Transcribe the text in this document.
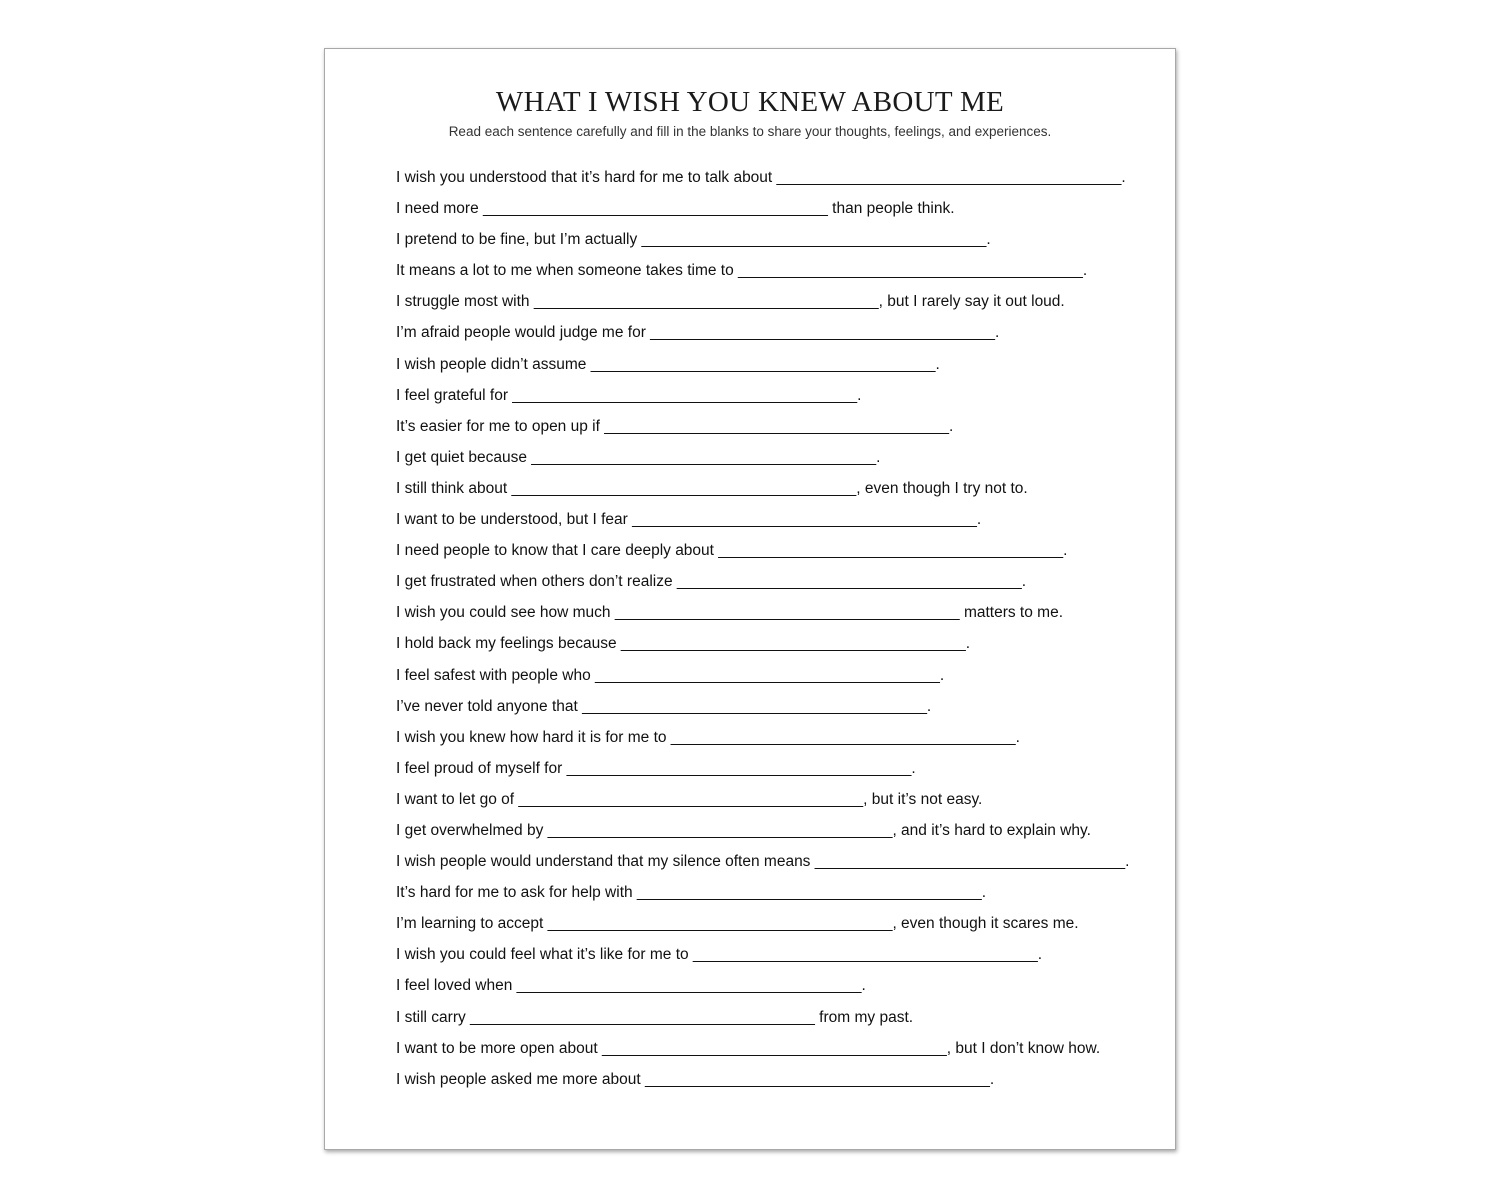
WHAT I WISH YOU KNEW ABOUT ME

Read each sentence carefully and fill in the blanks to share your thoughts, feelings, and experiences.

I wish you understood that it’s hard for me to talk about ________________________________________.
I need more ________________________________________ than people think.
I pretend to be fine, but I’m actually ________________________________________.
It means a lot to me when someone takes time to ________________________________________.
I struggle most with ________________________________________, but I rarely say it out loud.
I’m afraid people would judge me for ________________________________________.
I wish people didn’t assume ________________________________________.
I feel grateful for ________________________________________.
It’s easier for me to open up if ________________________________________.
I get quiet because ________________________________________.
I still think about ________________________________________, even though I try not to.
I want to be understood, but I fear ________________________________________.
I need people to know that I care deeply about ________________________________________.
I get frustrated when others don’t realize ________________________________________.
I wish you could see how much ________________________________________ matters to me.
I hold back my feelings because ________________________________________.
I feel safest with people who ________________________________________.
I’ve never told anyone that ________________________________________.
I wish you knew how hard it is for me to ________________________________________.
I feel proud of myself for ________________________________________.
I want to let go of ________________________________________, but it’s not easy.
I get overwhelmed by ________________________________________, and it’s hard to explain why.
I wish people would understand that my silence often means ____________________________________.
It’s hard for me to ask for help with ________________________________________.
I’m learning to accept ________________________________________, even though it scares me.
I wish you could feel what it’s like for me to ________________________________________.
I feel loved when ________________________________________.
I still carry ________________________________________ from my past.
I want to be more open about ________________________________________, but I don’t know how.
I wish people asked me more about ________________________________________.
